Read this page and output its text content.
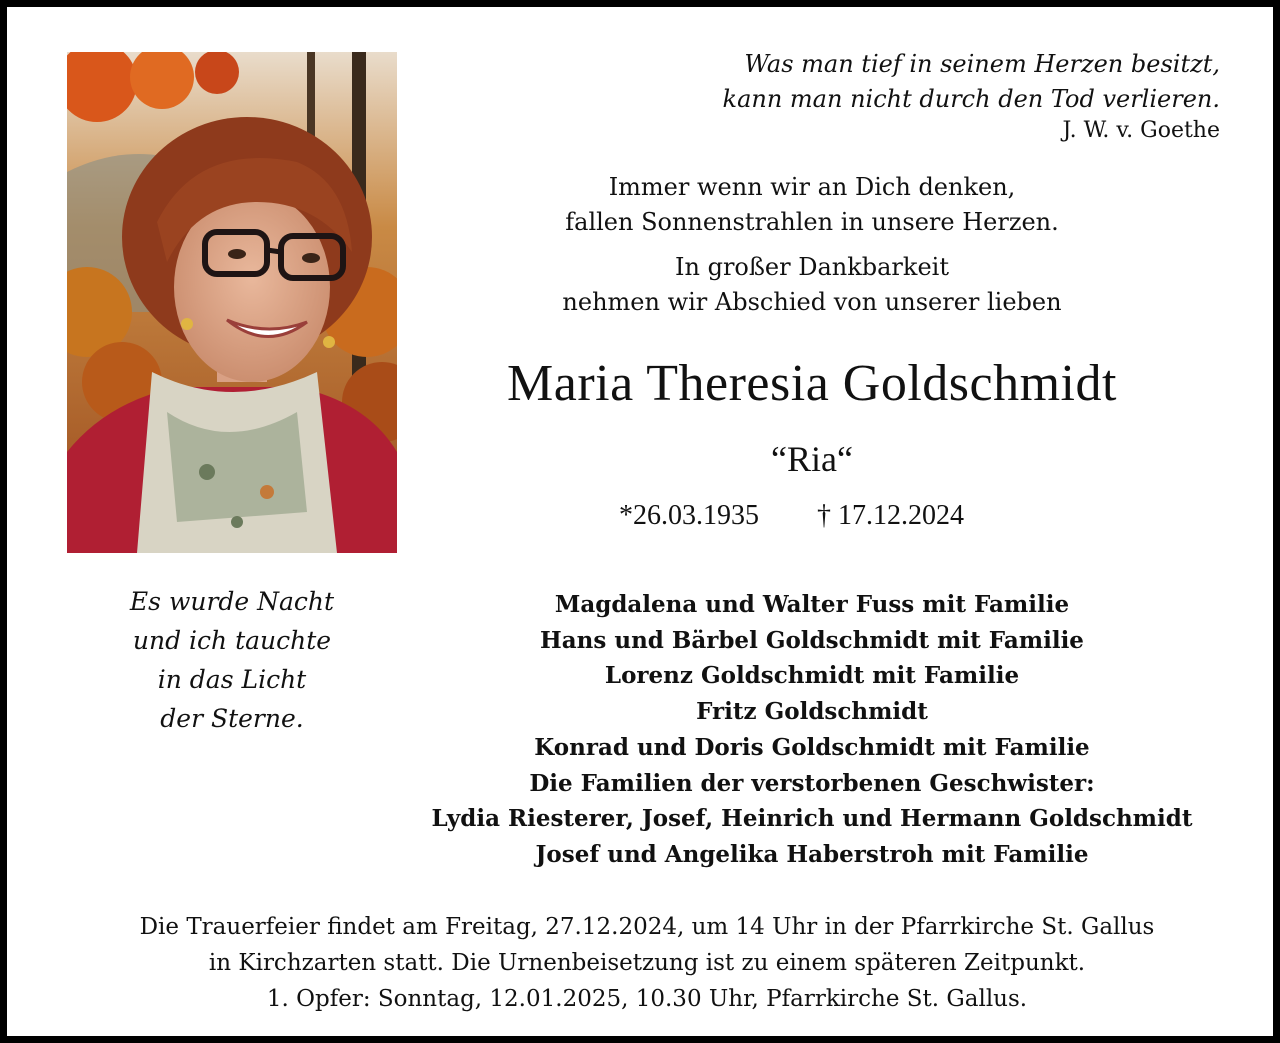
Was man tief in seinem Herzen besitzt,
kann man nicht durch den Tod verlieren.
J. W. v. Goethe
Immer wenn wir an Dich denken,
fallen Sonnenstrahlen in unsere Herzen.
In großer Dankbarkeit
nehmen wir Abschied von unserer lieben
Maria Theresia Goldschmidt
“Ria“
*26.03.1935 † 17.12.2024
Es wurde Nacht
und ich tauchte
in das Licht
der Sterne.
Magdalena und Walter Fuss mit Familie
Hans und Bärbel Goldschmidt mit Familie
Lorenz Goldschmidt mit Familie
Fritz Goldschmidt
Konrad und Doris Goldschmidt mit Familie
Die Familien der verstorbenen Geschwister:
Lydia Riesterer, Josef, Heinrich und Hermann Goldschmidt
Josef und Angelika Haberstroh mit Familie
Die Trauerfeier findet am Freitag, 27.12.2024, um 14 Uhr in der Pfarrkirche St. Gallus
in Kirchzarten statt. Die Urnenbeisetzung ist zu einem späteren Zeitpunkt.
1. Opfer: Sonntag, 12.01.2025, 10.30 Uhr, Pfarrkirche St. Gallus.
